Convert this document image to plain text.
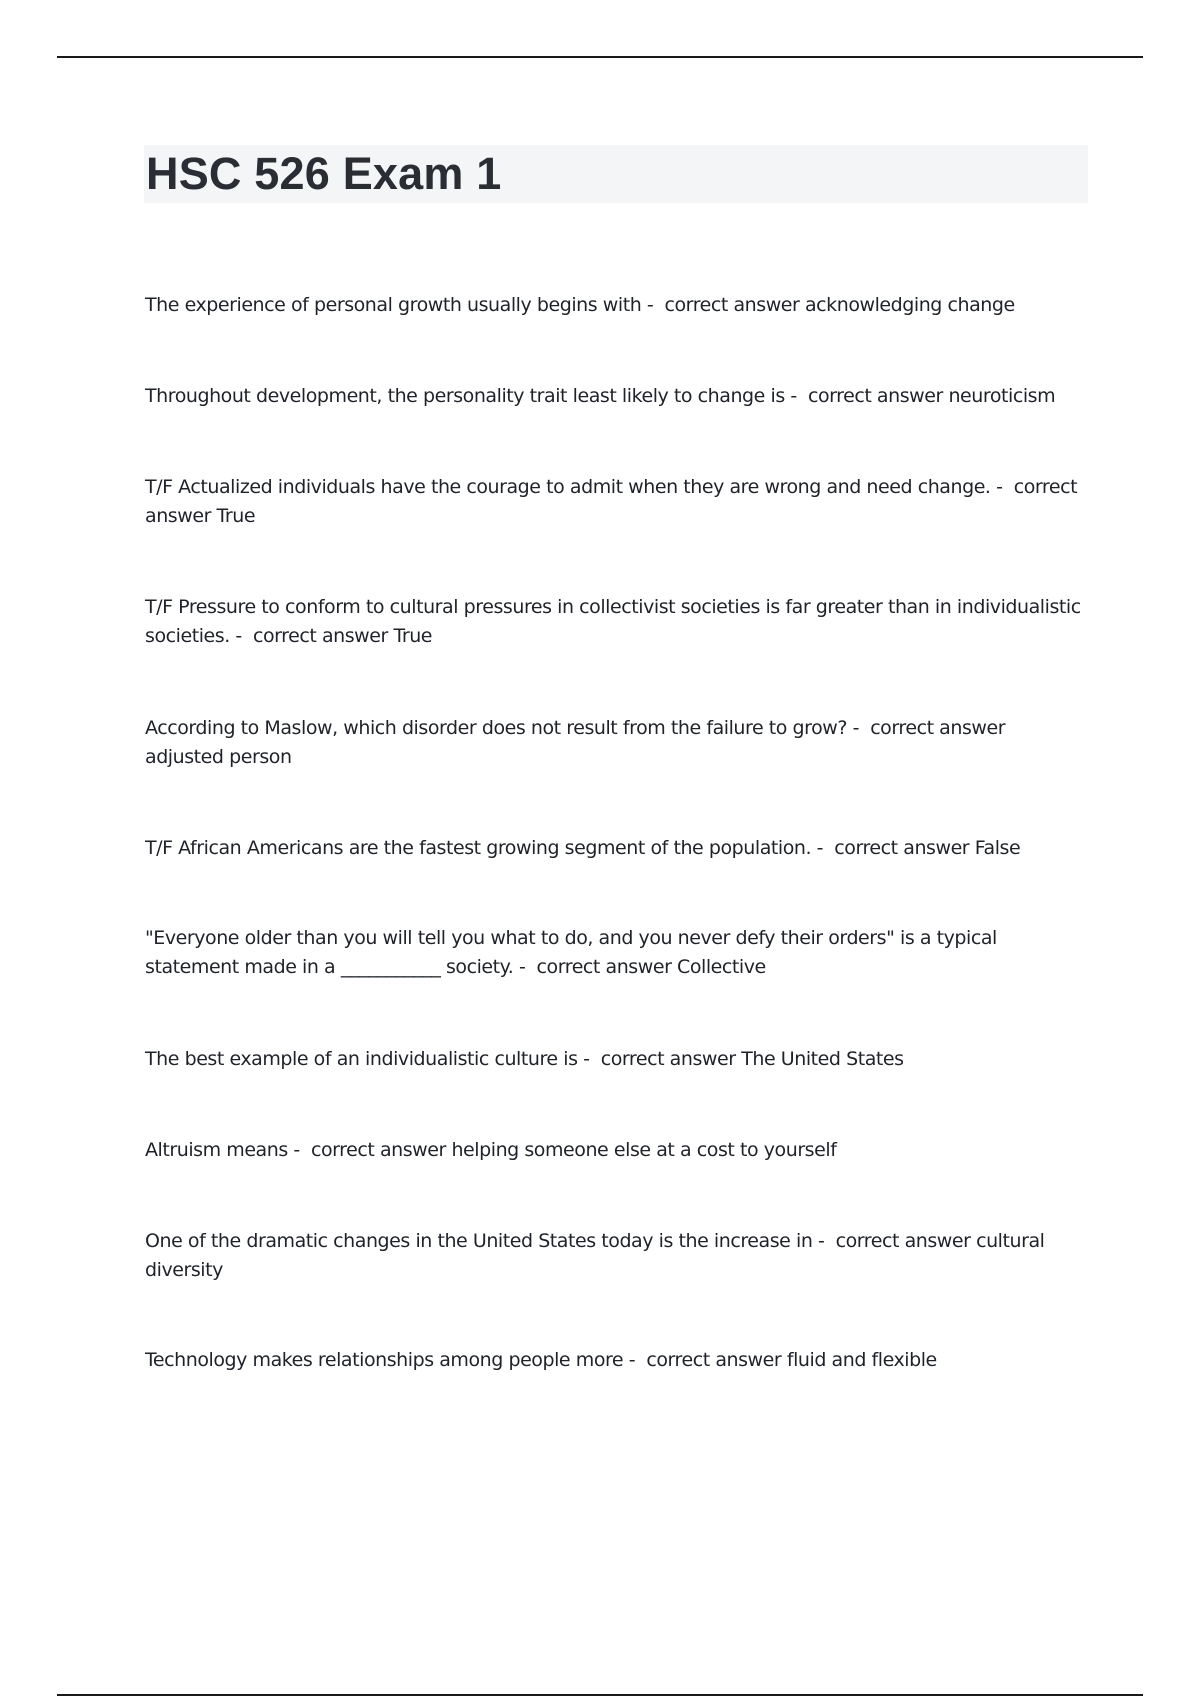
HSC 526 Exam 1

The experience of personal growth usually begins with -  correct answer acknowledging change

Throughout development, the personality trait least likely to change is -  correct answer neuroticism

T/F Actualized individuals have the courage to admit when they are wrong and need change. -  correct answer True

T/F Pressure to conform to cultural pressures in collectivist societies is far greater than in individualistic societies. -  correct answer True

According to Maslow, which disorder does not result from the failure to grow? -  correct answer adjusted person

T/F African Americans are the fastest growing segment of the population. -  correct answer False

"Everyone older than you will tell you what to do, and you never defy their orders" is a typical statement made in a ___________ society. -  correct answer Collective

The best example of an individualistic culture is -  correct answer The United States

Altruism means -  correct answer helping someone else at a cost to yourself

One of the dramatic changes in the United States today is the increase in -  correct answer cultural diversity

Technology makes relationships among people more -  correct answer fluid and flexible
